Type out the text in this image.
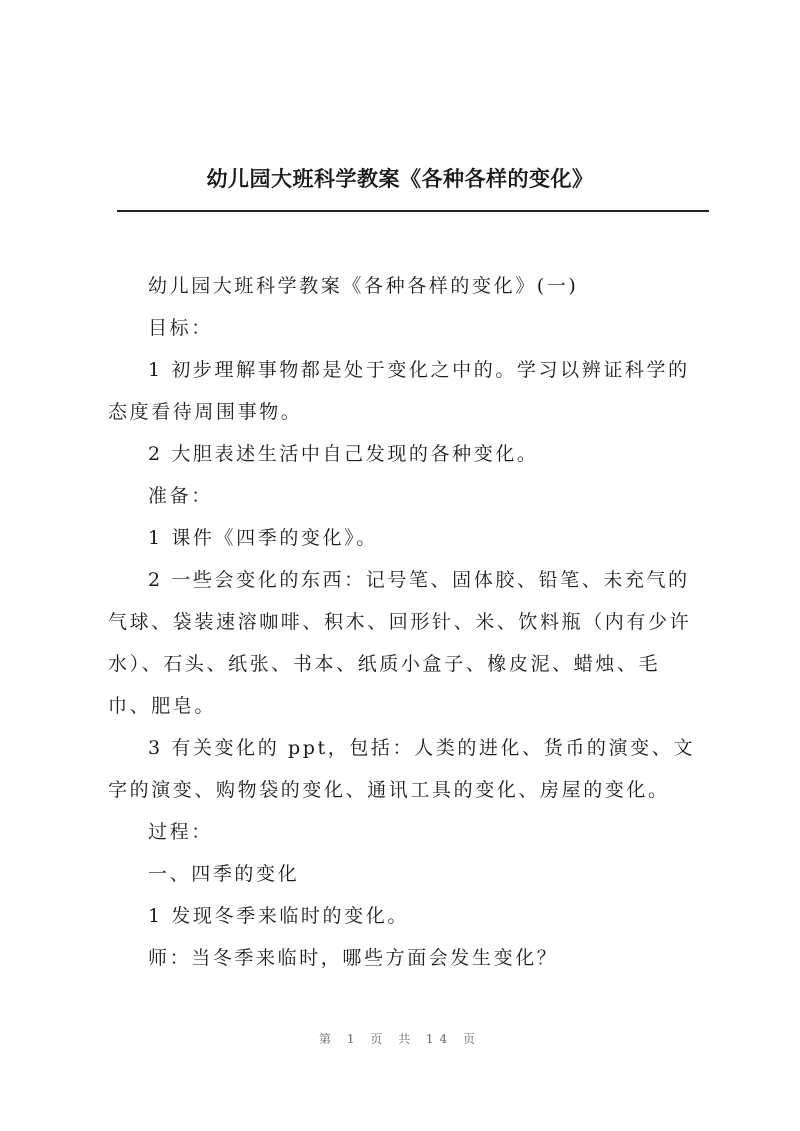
幼儿园大班科学教案《各种各样的变化》

幼儿园大班科学教案《各种各样的变化》(一)

目标：

1 初步理解事物都是处于变化之中的。学习以辨证科学的态度看待周围事物。

2 大胆表述生活中自己发现的各种变化。

准备：

1 课件《四季的变化》。

2 一些会变化的东西：记号笔、固体胶、铅笔、未充气的气球、袋装速溶咖啡、积木、回形针、米、饮料瓶（内有少许水）、石头、纸张、书本、纸质小盒子、橡皮泥、蜡烛、毛巾、肥皂。

3 有关变化的 ppt，包括：人类的进化、货币的演变、文字的演变、购物袋的变化、通讯工具的变化、房屋的变化。

过程：

一、四季的变化

1 发现冬季来临时的变化。

师：当冬季来临时，哪些方面会发生变化？

第 1 页 共 14 页
